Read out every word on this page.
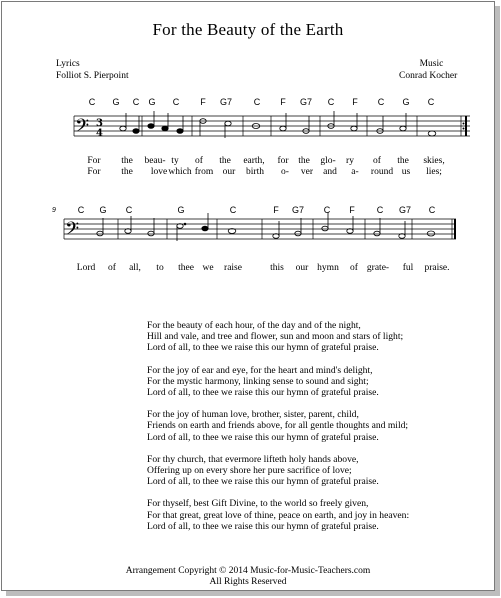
For the Beauty of the Earth
Lyrics
Folliot S. Pierpoint
Music
Conrad Kocher
𝄢 3
4
𝄢
C G C G C F G7 C F G7 C F C G C
For the beau- ty of the earth, for the glo- ry of the skies,
For the love which from our birth o- ver and a- round us lies;
9 C G C	G	C	F G7 C F C G7 C
Lord of all, to thee we raise	this our hymn of grate- ful praise.
For the beauty of each hour, of the day and of the night,
Hill and vale, and tree and flower, sun and moon and stars of light;
Lord of all, to thee we raise this our hymn of grateful praise.
For the joy of ear and eye, for the heart and mind's delight,
For the mystic harmony, linking sense to sound and sight;
Lord of all, to thee we raise this our hymn of grateful praise.
For the joy of human love, brother, sister, parent, child,
Friends on earth and friends above, for all gentle thoughts and mild;
Lord of all, to thee we raise this our hymn of grateful praise.
For thy church, that evermore lifteth holy hands above,
Offering up on every shore her pure sacrifice of love;
Lord of all, to thee we raise this our hymn of grateful praise.
For thyself, best Gift Divine, to the world so freely given,
For that great, great love of thine, peace on earth, and joy in heaven:
Lord of all, to thee we raise this our hymn of grateful praise.
Arrangement Copyright © 2014 Music-for-Music-Teachers.com
All Rights Reserved
